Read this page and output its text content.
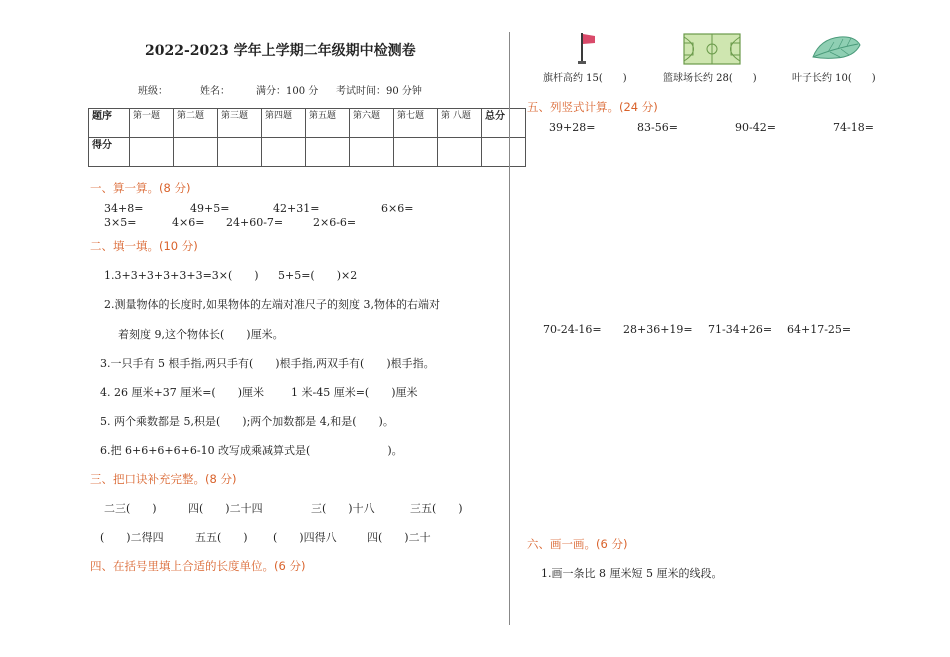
2022-2023 学年上学期二年级期中检测卷
班级：	姓名：	满分：100 分 考试时间：90 分钟
题序	第一题	第二题	第三题	第四题	第五题	第六题	第七题	第 八题	总分
得分									
一、算一算。(8 分)
34+8=	49+5=	42+31=	6×6=
3×5=	4×6= 24+60-7=	2×6-6=
二、填一填。(10 分)
1.3+3+3+3+3+3=3×(　　) 5+5=(　　)×2
2.测量物体的长度时,如果物体的左端对准尺子的刻度 3,物体的右端对
着刻度 9,这个物体长(　　)厘米。
3.一只手有 5 根手指,两只手有(　　)根手指,两双手有(　　)根手指。
4. 26 厘米+37 厘米=(　　)厘米 1 米-45 厘米=(　　)厘米
5. 两个乘数都是 5,积是(　　);两个加数都是 4,和是(　　)。
6.把 6+6+6+6+6-10 改写成乘减算式是(　　　　　　　)。
三、把口诀补充完整。(8 分)
二三(　　)	四(　　)二十四	三(　　)十八	三五(　　)
(　　)二得四	五五(　　) (　　)四得八	四(　　)二十
四、在括号里填上合适的长度单位。(6 分)
旗杆高约 15(　　)	篮球场长约 28(　　)	叶子长约 10(　　)
五、列竖式计算。(24 分)
39+28=	83-56=	90-42=	74-18=
70-24-16= 28+36+19= 71-34+26= 64+17-25=
六、画一画。(6 分)
1.画一条比 8 厘米短 5 厘米的线段。
